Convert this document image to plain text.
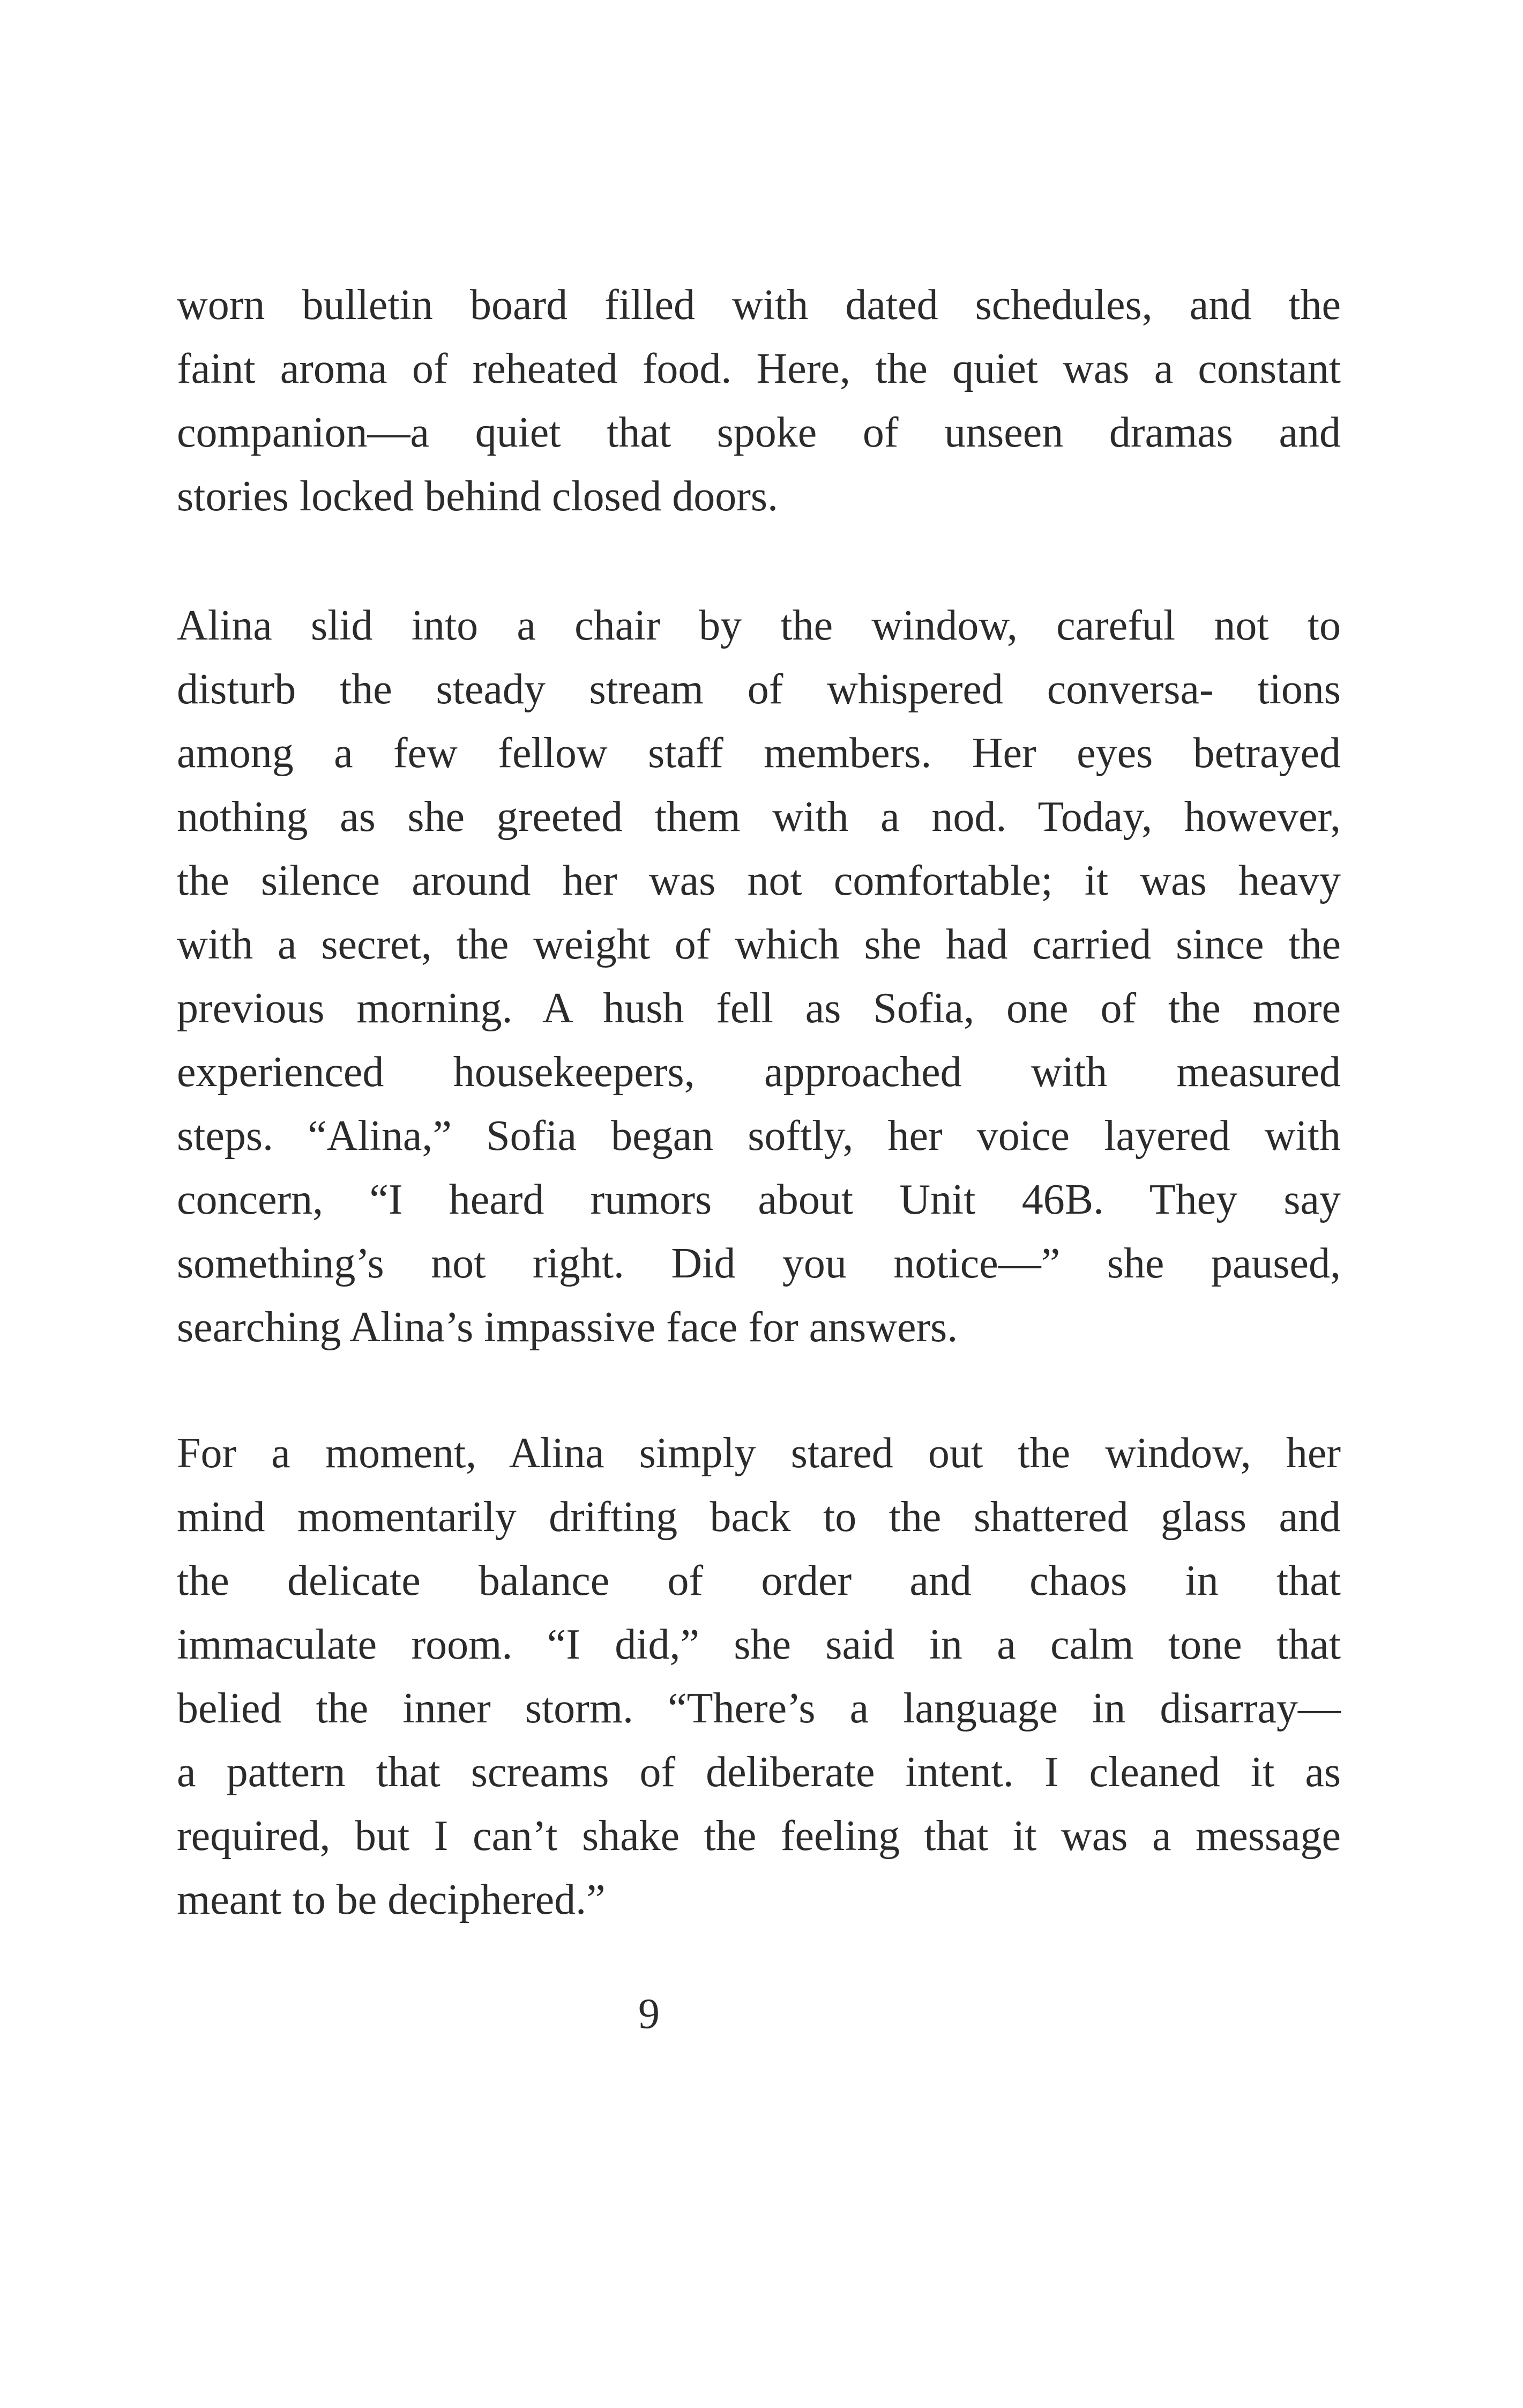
worn bulletin board filled with dated schedules, and the
faint aroma of reheated food. Here, the quiet was a constant
companion—a quiet that spoke of unseen dramas and
stories locked behind closed doors.
Alina slid into a chair by the window, careful not to
disturb the steady stream of whispered conversa- tions
among a few fellow staff members. Her eyes betrayed
nothing as she greeted them with a nod. Today, however,
the silence around her was not comfortable; it was heavy
with a secret, the weight of which she had carried since the
previous morning. A hush fell as Sofia, one of the more
experienced housekeepers, approached with measured
steps. “Alina,” Sofia began softly, her voice layered with
concern, “I heard rumors about Unit 46B. They say
something’s not right. Did you notice—” she paused,
searching Alina’s impassive face for answers.
For a moment, Alina simply stared out the window, her
mind momentarily drifting back to the shattered glass and
the delicate balance of order and chaos in that
immaculate room. “I did,” she said in a calm tone that
belied the inner storm. “There’s a language in disarray—
a pattern that screams of deliberate intent. I cleaned it as
required, but I can’t shake the feeling that it was a message
meant to be deciphered.”
9
